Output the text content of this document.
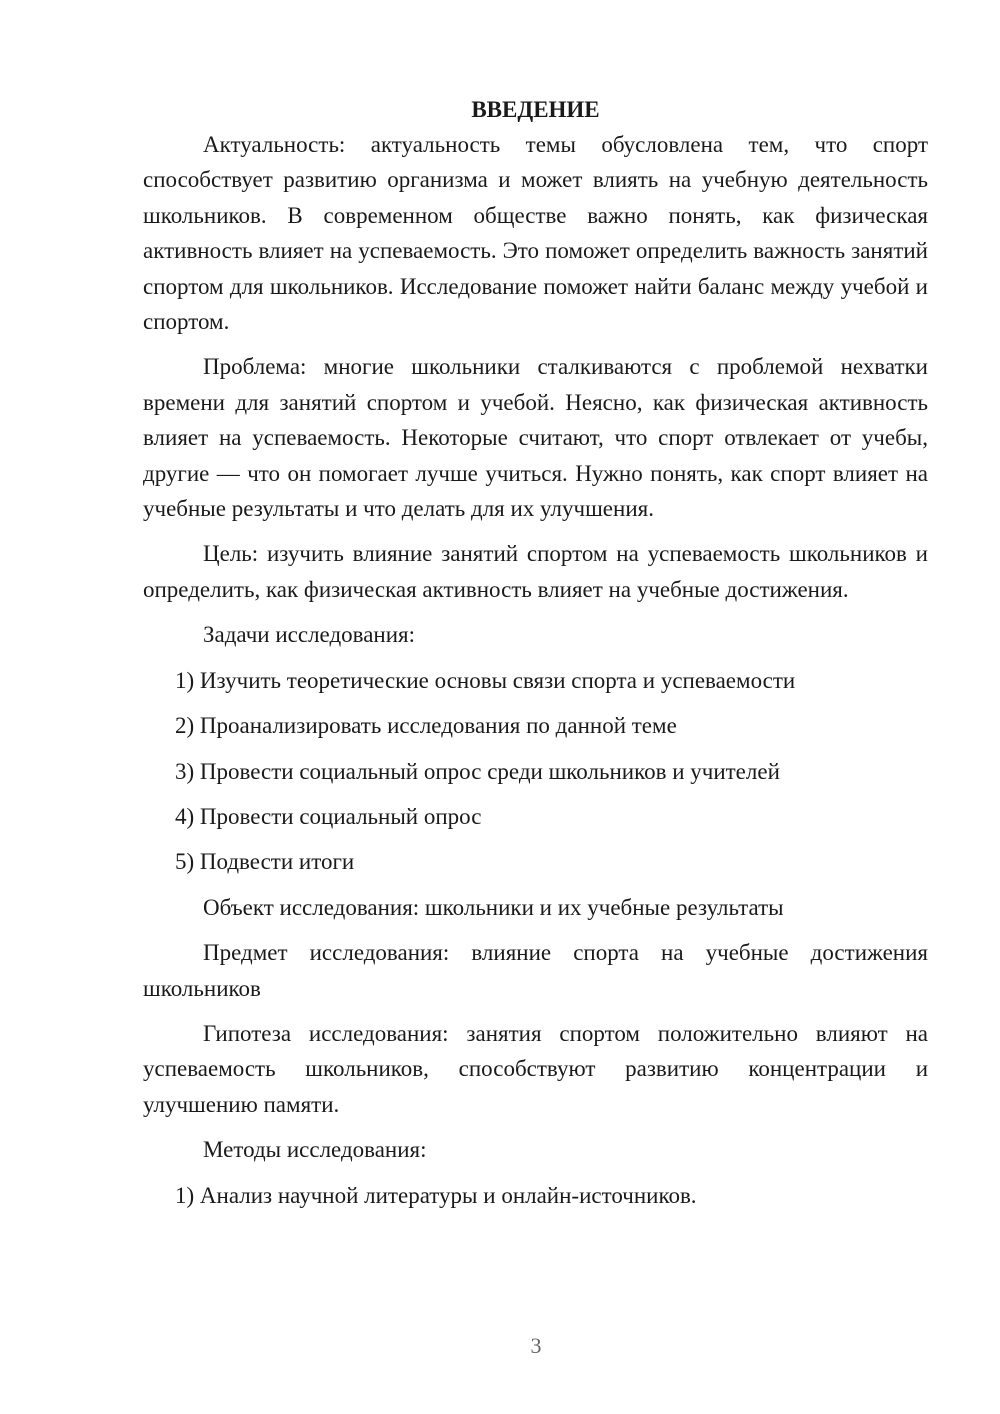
ВВЕДЕНИЕ

Актуальность: актуальность темы обусловлена тем, что спорт способствует развитию организма и может влиять на учебную деятельность школьников. В современном обществе важно понять, как физическая активность влияет на успеваемость. Это поможет определить важность занятий спортом для школьников. Исследование поможет найти баланс между учебой и спортом.

Проблема: многие школьники сталкиваются с проблемой нехватки времени для занятий спортом и учебой. Неясно, как физическая активность влияет на успеваемость. Некоторые считают, что спорт отвлекает от учебы, другие — что он помогает лучше учиться. Нужно понять, как спорт влияет на учебные результаты и что делать для их улучшения.

Цель: изучить влияние занятий спортом на успеваемость школьников и определить, как физическая активность влияет на учебные достижения.

Задачи исследования:

1) Изучить теоретические основы связи спорта и успеваемости

2) Проанализировать исследования по данной теме

3) Провести социальный опрос среди школьников и учителей

4) Провести социальный опрос

5) Подвести итоги

Объект исследования: школьники и их учебные результаты

Предмет исследования: влияние спорта на учебные достижения школьников

Гипотеза исследования: занятия спортом положительно влияют на успеваемость школьников, способствуют развитию концентрации и улучшению памяти.

Методы исследования:

1) Анализ научной литературы и онлайн-источников.

3
